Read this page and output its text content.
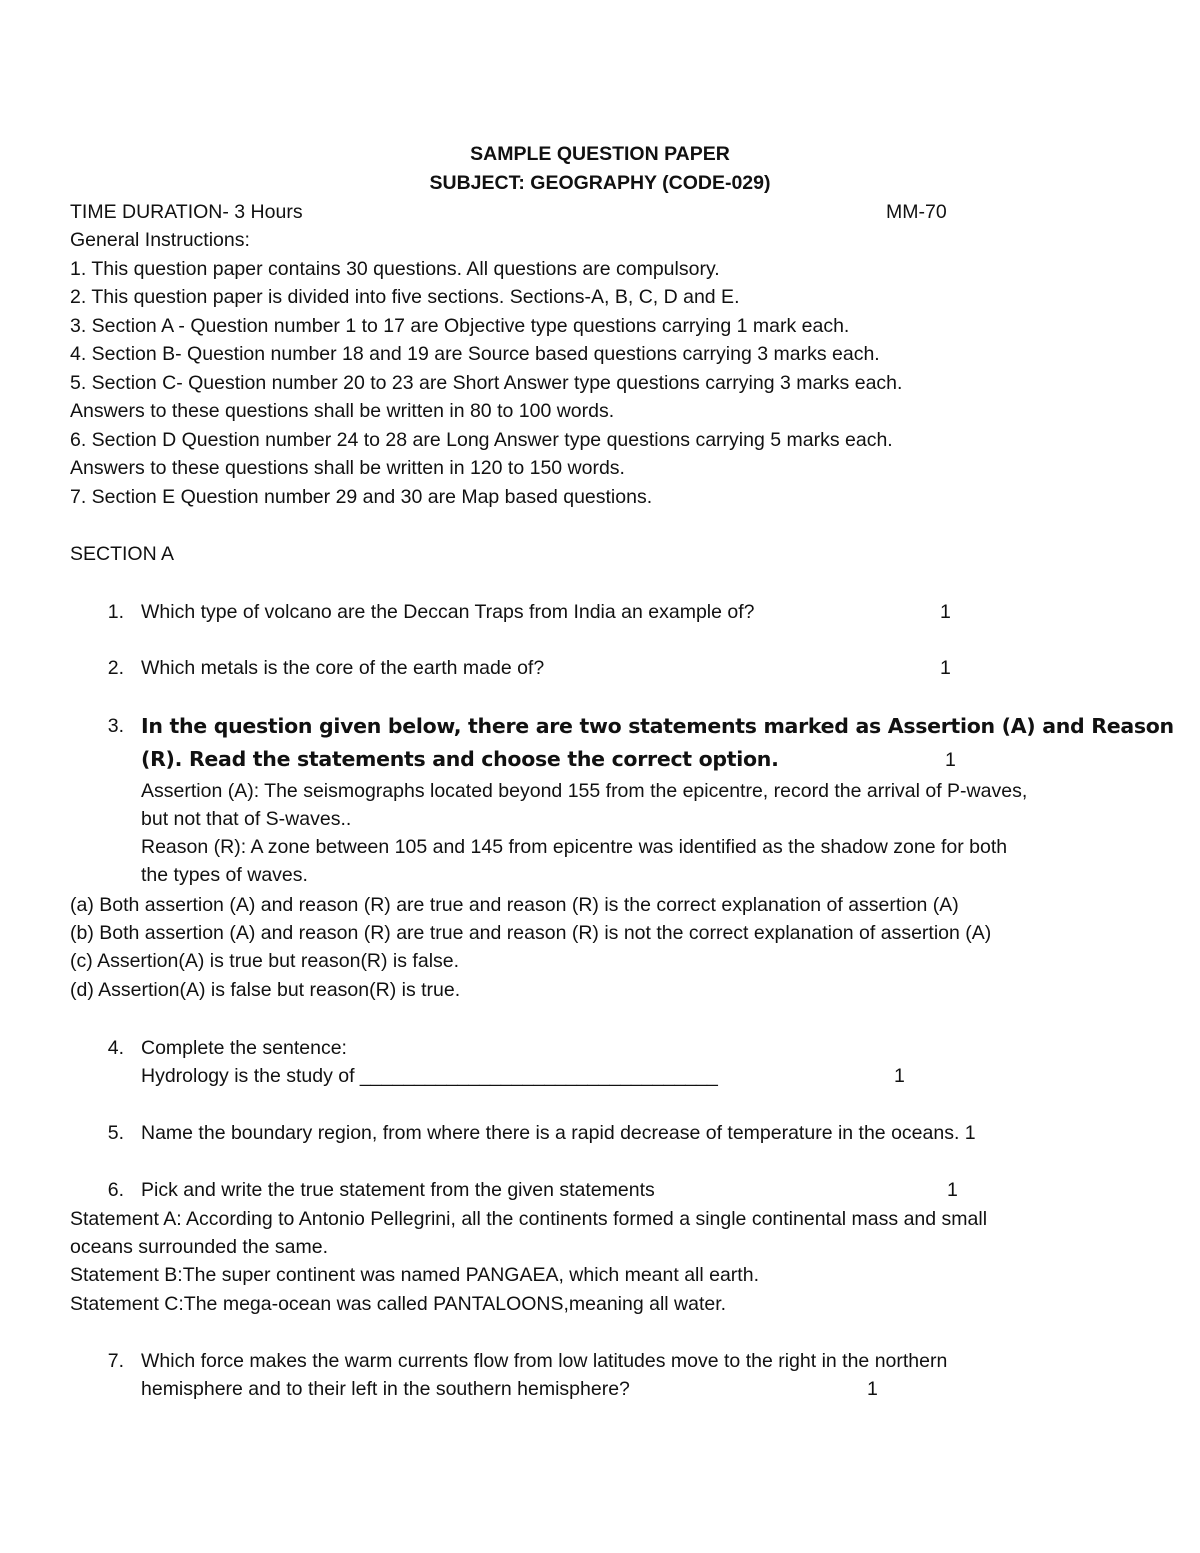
SAMPLE QUESTION PAPER
SUBJECT: GEOGRAPHY (CODE-029)
TIME DURATION- 3 Hours	MM-70
General Instructions:
1. This question paper contains 30 questions. All questions are compulsory.
2. This question paper is divided into five sections. Sections-A, B, C, D and E.
3. Section A - Question number 1 to 17 are Objective type questions carrying 1 mark each.
4. Section B- Question number 18 and 19 are Source based questions carrying 3 marks each.
5. Section C- Question number 20 to 23 are Short Answer type questions carrying 3 marks each.
Answers to these questions shall be written in 80 to 100 words.
6. Section D Question number 24 to 28 are Long Answer type questions carrying 5 marks each.
Answers to these questions shall be written in 120 to 150 words.
7. Section E Question number 29 and 30 are Map based questions.
SECTION A
1. Which type of volcano are the Deccan Traps from India an example of?	1
2. Which metals is the core of the earth made of?	1
3. In the question given below, there are two statements marked as Assertion (A) and Reason
(R). Read the statements and choose the correct option.	1
Assertion (A): The seismographs located beyond 155 from the epicentre, record the arrival of P-waves,
but not that of S-waves..
Reason (R): A zone between 105 and 145 from epicentre was identified as the shadow zone for both
the types of waves.
(a) Both assertion (A) and reason (R) are true and reason (R) is the correct explanation of assertion (A)
(b) Both assertion (A) and reason (R) are true and reason (R) is not the correct explanation of assertion (A)
(c) Assertion(A) is true but reason(R) is false.
(d) Assertion(A) is false but reason(R) is true.
4. Complete the sentence:
Hydrology is the study of _________________________________	1
5. Name the boundary region, from where there is a rapid decrease of temperature in the oceans. 1
6. Pick and write the true statement from the given statements	1
Statement A: According to Antonio Pellegrini, all the continents formed a single continental mass and small
oceans surrounded the same.
Statement B:The super continent was named PANGAEA, which meant all earth.
Statement C:The mega-ocean was called PANTALOONS,meaning all water.
7. Which force makes the warm currents flow from low latitudes move to the right in the northern
hemisphere and to their left in the southern hemisphere?	1
